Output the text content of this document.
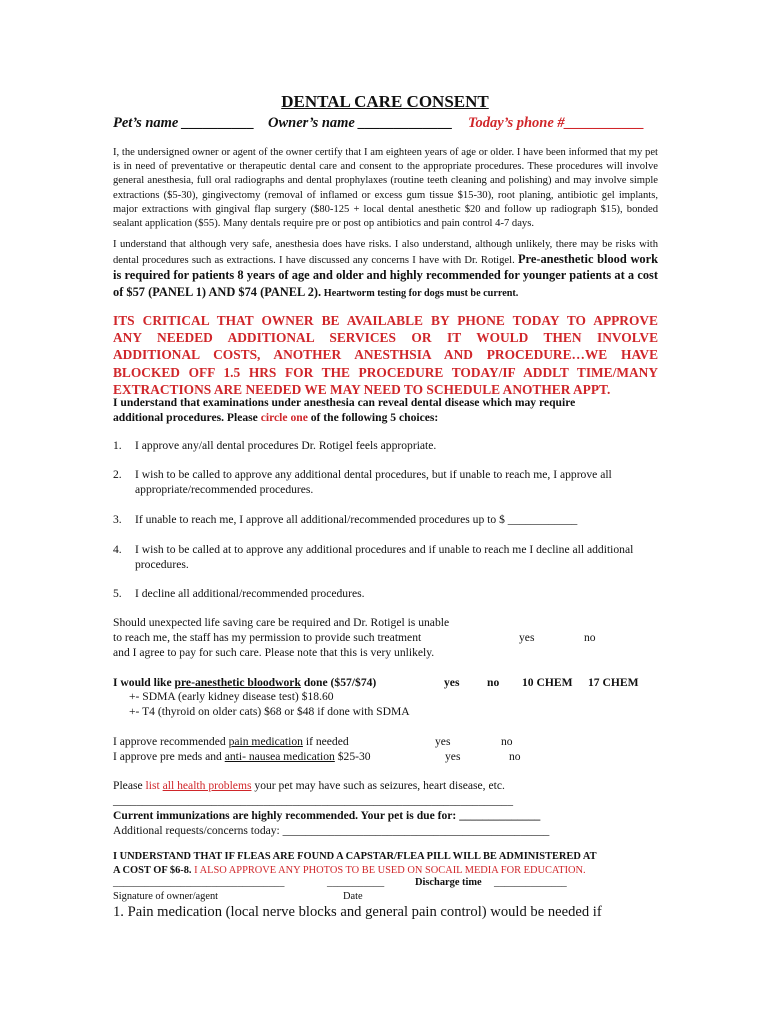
DENTAL CARE CONSENT
Pet’s name __________ Owner’s name _____________ Today’s phone #___________
I, the undersigned owner or agent of the owner certify that I am eighteen years of age or older. I have been informed that my pet is in need of preventative or therapeutic dental care and consent to the appropriate procedures. These procedures will involve general anesthesia, full oral radiographs and dental prophylaxes (routine teeth cleaning and polishing) and may involve simple extractions ($5-30), gingivectomy (removal of inflamed or excess gum tissue $15-30), root planing, antibiotic gel implants, major extractions with gingival flap surgery ($80-125 + local dental anesthetic $20 and follow up radiograph $15), bonded sealant application ($55). Many dentals require pre or post op antibiotics and pain control 4-7 days.
I understand that although very safe, anesthesia does have risks. I also understand, although unlikely, there may be risks with dental procedures such as extractions. I have discussed any concerns I have with Dr. Rotigel. Pre-anesthetic blood work is required for patients 8 years of age and older and highly recommended for younger patients at a cost of $57 (PANEL 1) AND $74 (PANEL 2). Heartworm testing for dogs must be current.
ITS CRITICAL THAT OWNER BE AVAILABLE BY PHONE TODAY TO APPROVE
ANY NEEDED ADDITIONAL SERVICES OR IT WOULD THEN INVOLVE
ADDITIONAL COSTS, ANOTHER ANESTHSIA AND PROCEDURE…WE HAVE
BLOCKED OFF 1.5 HRS FOR THE PROCEDURE TODAY/IF ADDLT TIME/MANY
EXTRACTIONS ARE NEEDED WE MAY NEED TO SCHEDULE ANOTHER APPT.
I understand that examinations under anesthesia can reveal dental disease which may require
additional procedures. Please circle one of the following 5 choices:
1. I approve any/all dental procedures Dr. Rotigel feels appropriate.
2. I wish to be called to approve any additional dental procedures, but if unable to reach me, I approve all appropriate/recommended procedures.
3. If unable to reach me, I approve all additional/recommended procedures up to $ ____________
4. I wish to be called at to approve any additional procedures and if unable to reach me I decline all additional procedures.
5. I decline all additional/recommended procedures.
Should unexpected life saving care be required and Dr. Rotigel is unable
to reach me, the staff has my permission to provide such treatment	yes	no
and I agree to pay for such care. Please note that this is very unlikely.
I would like pre-anesthetic bloodwork done ($57/$74)	yes no 10 CHEM 17 CHEM
+- SDMA (early kidney disease test) $18.60
+- T4 (thyroid on older cats) $68 or $48 if done with SDMA
I approve recommended pain medication if needed	yes	no
I approve pre meds and anti- nausea medication $25-30	yes	no
Please list all health problems your pet may have such as seizures, heart disease, etc.
_____________________________________________________________________
Current immunizations are highly recommended. Your pet is due for: ______________
Additional requests/concerns today: ______________________________________________
I UNDERSTAND THAT IF FLEAS ARE FOUND A CAPSTAR/FLEA PILL WILL BE ADMINISTERED AT
A COST OF $6-8. I ALSO APPROVE ANY PHOTOS TO BE USED ON SOCAIL MEDIA FOR EDUCATION.
_________________________________	___________	Discharge time ______________
Signature of owner/agent	Date
1. Pain medication (local nerve blocks and general pain control) would be needed if
